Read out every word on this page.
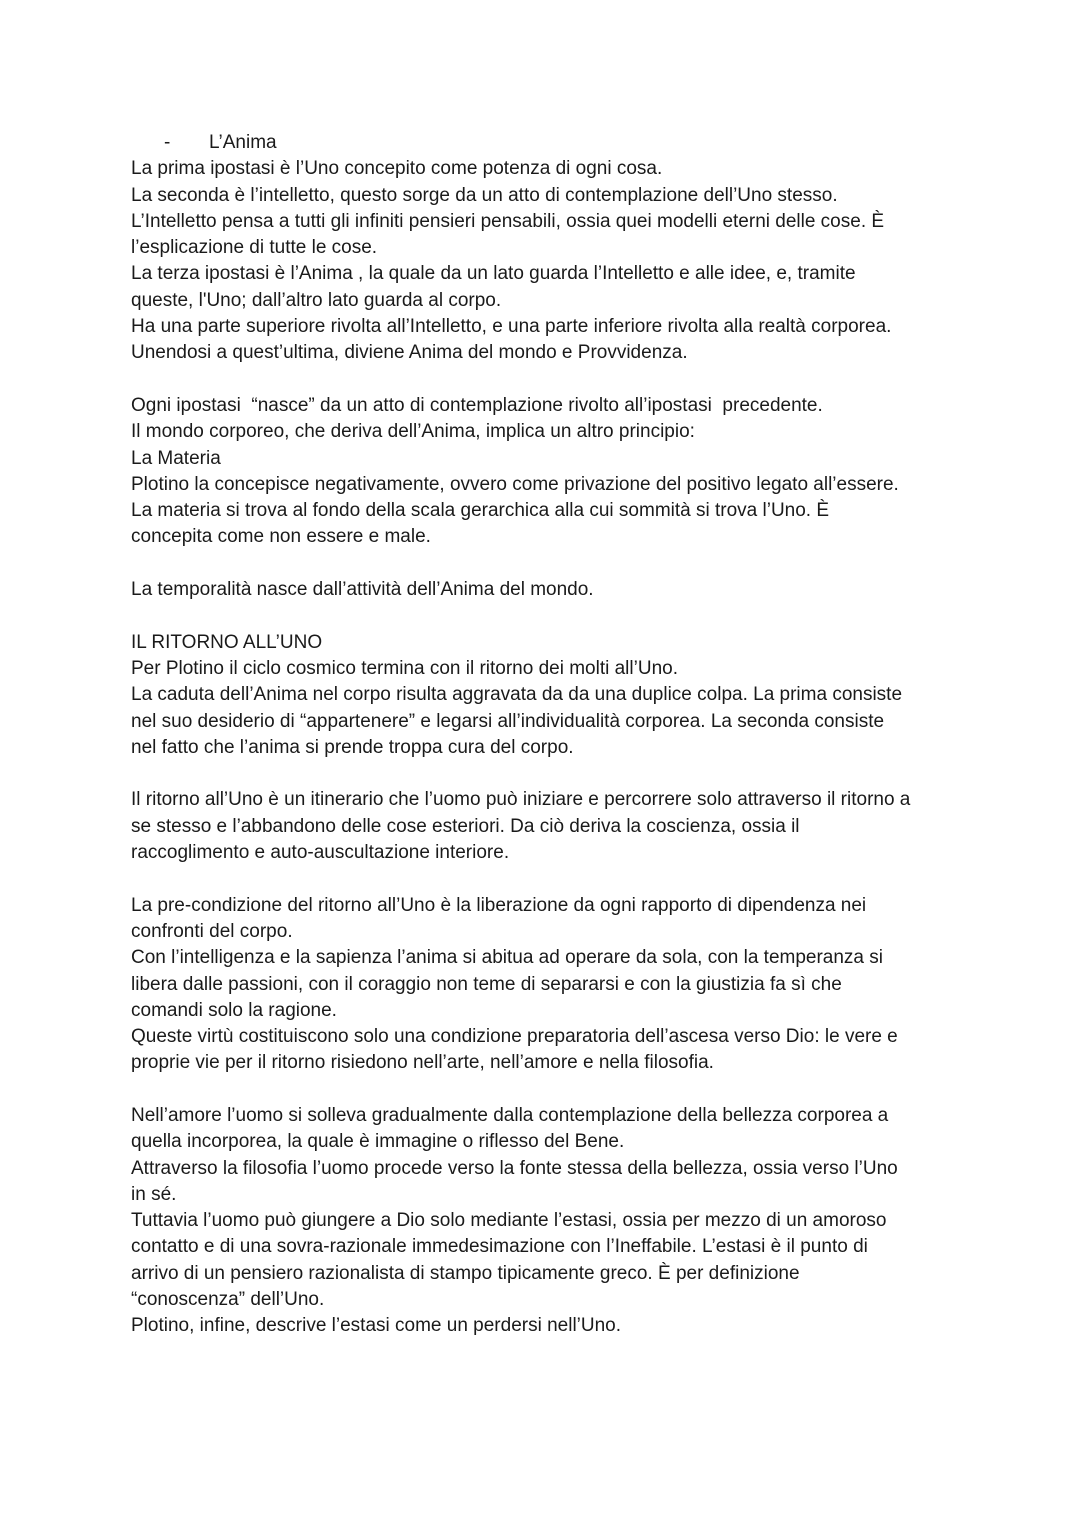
- L’Anima
La prima ipostasi è l’Uno concepito come potenza di ogni cosa.
La seconda è l’intelletto, questo sorge da un atto di contemplazione dell’Uno stesso.
L’Intelletto pensa a tutti gli infiniti pensieri pensabili, ossia quei modelli eterni delle cose. È
l’esplicazione di tutte le cose.
La terza ipostasi è l’Anima , la quale da un lato guarda l’Intelletto e alle idee, e, tramite
queste, l'Uno; dall’altro lato guarda al corpo.
Ha una parte superiore rivolta all’Intelletto, e una parte inferiore rivolta alla realtà corporea.
Unendosi a quest’ultima, diviene Anima del mondo e Provvidenza.
Ogni ipostasi  “nasce” da un atto di contemplazione rivolto all’ipostasi  precedente.
Il mondo corporeo, che deriva dell’Anima, implica un altro principio:
La Materia
Plotino la concepisce negativamente, ovvero come privazione del positivo legato all’essere.
La materia si trova al fondo della scala gerarchica alla cui sommità si trova l’Uno. È
concepita come non essere e male.
La temporalità nasce dall’attività dell’Anima del mondo.
IL RITORNO ALL’UNO
Per Plotino il ciclo cosmico termina con il ritorno dei molti all’Uno.
La caduta dell’Anima nel corpo risulta aggravata da da una duplice colpa. La prima consiste
nel suo desiderio di “appartenere” e legarsi all’individualità corporea. La seconda consiste
nel fatto che l’anima si prende troppa cura del corpo.
Il ritorno all’Uno è un itinerario che l’uomo può iniziare e percorrere solo attraverso il ritorno a
se stesso e l’abbandono delle cose esteriori. Da ciò deriva la coscienza, ossia il
raccoglimento e auto-auscultazione interiore.
La pre-condizione del ritorno all’Uno è la liberazione da ogni rapporto di dipendenza nei
confronti del corpo.
Con l’intelligenza e la sapienza l’anima si abitua ad operare da sola, con la temperanza si
libera dalle passioni, con il coraggio non teme di separarsi e con la giustizia fa sì che
comandi solo la ragione.
Queste virtù costituiscono solo una condizione preparatoria dell’ascesa verso Dio: le vere e
proprie vie per il ritorno risiedono nell’arte, nell’amore e nella filosofia.
Nell’amore l’uomo si solleva gradualmente dalla contemplazione della bellezza corporea a
quella incorporea, la quale è immagine o riflesso del Bene.
Attraverso la filosofia l’uomo procede verso la fonte stessa della bellezza, ossia verso l’Uno
in sé.
Tuttavia l’uomo può giungere a Dio solo mediante l’estasi, ossia per mezzo di un amoroso
contatto e di una sovra-razionale immedesimazione con l’Ineffabile. L’estasi è il punto di
arrivo di un pensiero razionalista di stampo tipicamente greco. È per definizione
“conoscenza” dell’Uno.
Plotino, infine, descrive l’estasi come un perdersi nell’Uno.
